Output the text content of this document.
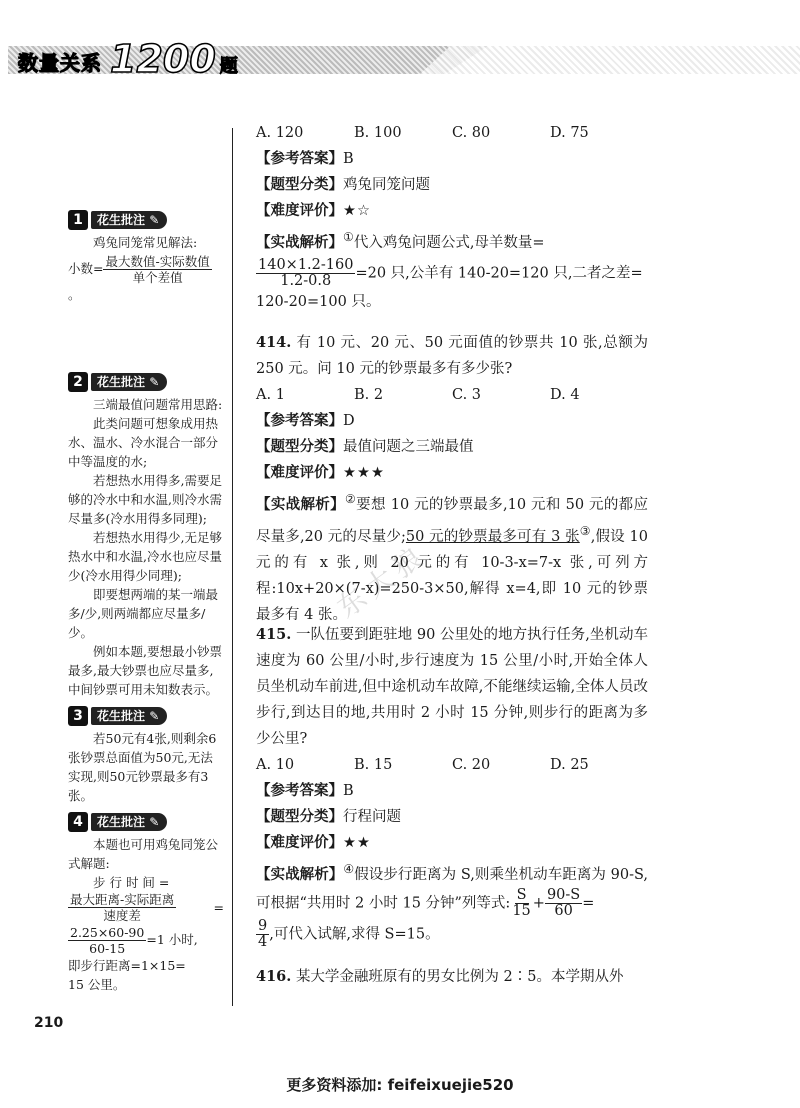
数量关系 1200 题
东大狼
1	花生批注
✎

鸡兔同笼常见解法:

小数= $\frac{\text{最大数值-实际数值}}{\text{单个差值}}$
。
2	花生批注
✎

三端最值问题常用思路:

此类问题可想象成用热水、温水、冷水混合一部分中等温度的水;

若想热水用得多,需要足够的冷水中和水温,则冷水需尽量多(冷水用得多同理);

若想热水用得少,无足够热水中和水温,冷水也应尽量少(冷水用得少同理);

即要想两端的某一端最多/少,则两端都应尽量多/少。

例如本题,要想最小钞票最多,最大钞票也应尽量多,中间钞票可用未知数表示。

3	花生批注
✎

若50元有4张,则剩余6张钞票总面值为50元,无法实现,则50元钞票最多有3张。

4	花生批注
✎

本题也可用鸡兔同笼公式解题:

步 行 时 间 =

$\frac{\text{最大距离-实际距离}}{\text{速度差}}$	=
$\frac{2.25\times 60-90}{60-15} =1$ 小时,
即步行距离=1×15=
15 公里。
A. 120	B. 100	C. 80	D. 75

【参考答案】B

【题型分类】鸡兔同笼问题

【难度评价】★☆

【实战解析】①代入鸡兔问题公式,母羊数量=

$\frac{140\times 1.2-160}{1.2-0.8} =20$ 只,公羊有 140-20=120 只,二者之差=

120-20=100 只。

414. 有 10 元、20 元、50 元面值的钞票共 10 张,总额为 250 元。问 10 元的钞票最多有多少张?

A. 1	B. 2	C. 3	D. 4

【参考答案】D

【题型分类】最值问题之三端最值

【难度评价】★★★

【实战解析】②要想 10 元的钞票最多,10 元和 50 元的都应尽量多,20 元的尽量少;50 元的钞票最多可有 3 张③,假设 10 元的有 x 张,则 20 元的有 10-3-x=7-x 张,可列方程:10x+20×(7-x)=250-3×50,解得 x=4,即 10 元的钞票最多有 4 张。

415. 一队伍要到距驻地 90 公里处的地方执行任务,坐机动车速度为 60 公里/小时,步行速度为 15 公里/小时,开始全体人员坐机动车前进,但中途机动车故障,不能继续运输,全体人员改步行,到达目的地,共用时 2 小时 15 分钟,则步行的距离为多少公里?

A. 10	B. 15	C. 20	D. 25

【参考答案】B

【题型分类】行程问题

【难度评价】★★

【实战解析】④假设步行距离为 S,则乘坐机动车距离为 90-S,可根据“共用时 2 小时 15 分钟”列等式: $\frac{S}{15} + \frac{90-S}{60}$ =

$\frac{9}{4}$ ,可代入试解,求得 S=15。

416. 某大学金融班原有的男女比例为 2∶5。本学期从外

210
更多资料添加: feifeixuejie520
